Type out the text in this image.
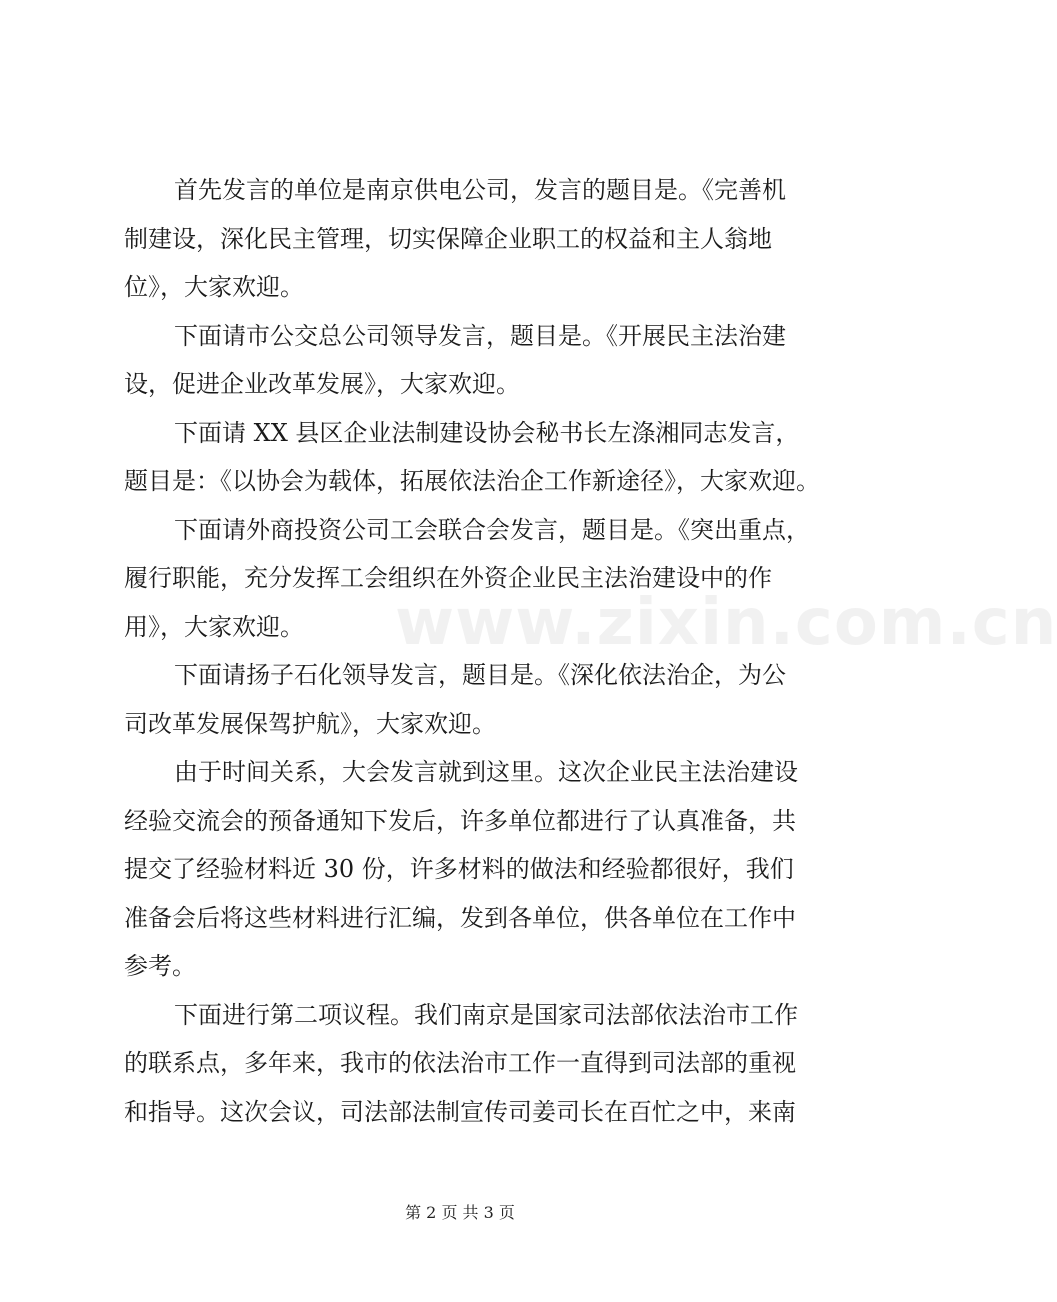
www.zixin.com.cn
首先发言的单位是南京供电公司，发言的题目是。《完善机
制建设，深化民主管理，切实保障企业职工的权益和主人翁地
位》，大家欢迎。
下面请市公交总公司领导发言，题目是。《开展民主法治建
设，促进企业改革发展》，大家欢迎。
下面请 XX 县区企业法制建设协会秘书长左涤湘同志发言，
题目是：《以协会为载体，拓展依法治企工作新途径》，大家欢迎。
下面请外商投资公司工会联合会发言，题目是。《突出重点，
履行职能，充分发挥工会组织在外资企业民主法治建设中的作
用》，大家欢迎。
下面请扬子石化领导发言，题目是。《深化依法治企，为公
司改革发展保驾护航》，大家欢迎。
由于时间关系，大会发言就到这里。这次企业民主法治建设
经验交流会的预备通知下发后，许多单位都进行了认真准备，共
提交了经验材料近 30 份，许多材料的做法和经验都很好，我们
准备会后将这些材料进行汇编，发到各单位，供各单位在工作中
参考。
下面进行第二项议程。我们南京是国家司法部依法治市工作
的联系点，多年来，我市的依法治市工作一直得到司法部的重视
和指导。这次会议，司法部法制宣传司姜司长在百忙之中，来南
第 2 页 共 3 页
